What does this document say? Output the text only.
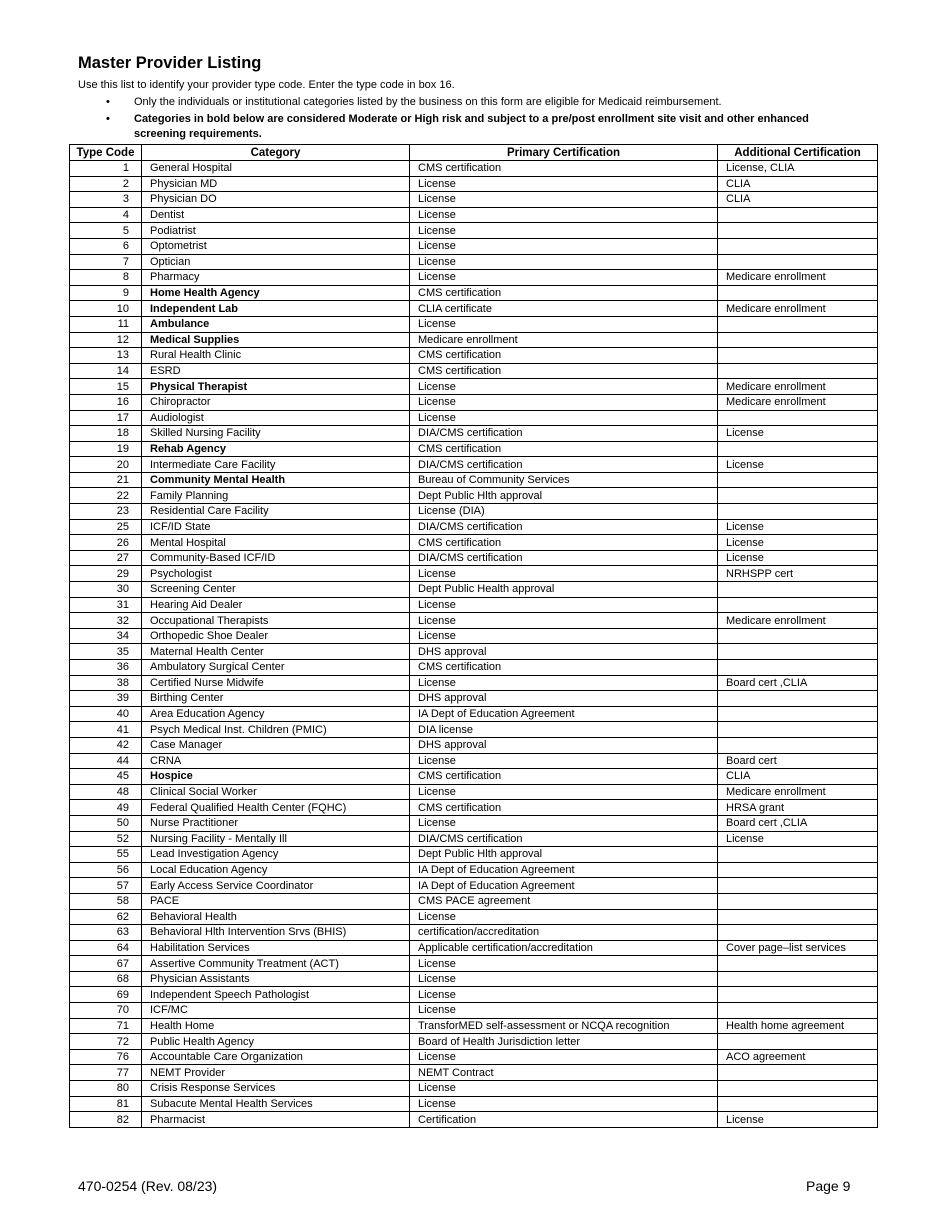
Master Provider Listing

Use this list to identify your provider type code. Enter the type code in box 16.

• Only the individuals or institutional categories listed by the business on this form are eligible for Medicaid reimbursement.
• Categories in bold below are considered Moderate or High risk and subject to a pre/post enrollment site visit and other enhanced screening requirements.
Type Code	Category	Primary Certification	Additional Certification
1	General Hospital	CMS certification	License, CLIA
2	Physician MD	License	CLIA
3	Physician DO	License	CLIA
4	Dentist	License	
5	Podiatrist	License	
6	Optometrist	License	
7	Optician	License	
8	Pharmacy	License	Medicare enrollment
9	Home Health Agency	CMS certification	
10	Independent Lab	CLIA certificate	Medicare enrollment
11	Ambulance	License	
12	Medical Supplies	Medicare enrollment	
13	Rural Health Clinic	CMS certification	
14	ESRD	CMS certification	
15	Physical Therapist	License	Medicare enrollment
16	Chiropractor	License	Medicare enrollment
17	Audiologist	License	
18	Skilled Nursing Facility	DIA/CMS certification	License
19	Rehab Agency	CMS certification	
20	Intermediate Care Facility	DIA/CMS certification	License
21	Community Mental Health	Bureau of Community Services	
22	Family Planning	Dept Public Hlth approval	
23	Residential Care Facility	License (DIA)	
25	ICF/ID State	DIA/CMS certification	License
26	Mental Hospital	CMS certification	License
27	Community-Based ICF/ID	DIA/CMS certification	License
29	Psychologist	License	NRHSPP cert
30	Screening Center	Dept Public Health approval	
31	Hearing Aid Dealer	License	
32	Occupational Therapists	License	Medicare enrollment
34	Orthopedic Shoe Dealer	License	
35	Maternal Health Center	DHS approval	
36	Ambulatory Surgical Center	CMS certification	
38	Certified Nurse Midwife	License	Board cert ,CLIA
39	Birthing Center	DHS approval	
40	Area Education Agency	IA Dept of Education Agreement	
41	Psych Medical Inst. Children (PMIC)	DIA license	
42	Case Manager	DHS approval	
44	CRNA	License	Board cert
45	Hospice	CMS certification	CLIA
48	Clinical Social Worker	License	Medicare enrollment
49	Federal Qualified Health Center (FQHC)	CMS certification	HRSA grant
50	Nurse Practitioner	License	Board cert ,CLIA
52	Nursing Facility - Mentally Ill	DIA/CMS certification	License
55	Lead Investigation Agency	Dept Public Hlth approval	
56	Local Education Agency	IA Dept of Education Agreement	
57	Early Access Service Coordinator	IA Dept of Education Agreement	
58	PACE	CMS PACE agreement	
62	Behavioral Health	License	
63	Behavioral Hlth Intervention Srvs (BHIS)	certification/accreditation	
64	Habilitation Services	Applicable certification/accreditation	Cover page–list services
67	Assertive Community Treatment (ACT)	License	
68	Physician Assistants	License	
69	Independent Speech Pathologist	License	
70	ICF/MC	License	
71	Health Home	TransforMED self-assessment or NCQA recognition	Health home agreement
72	Public Health Agency	Board of Health Jurisdiction letter	
76	Accountable Care Organization	License	ACO agreement
77	NEMT Provider	NEMT Contract	
80	Crisis Response Services	License	
81	Subacute Mental Health Services	License	
82	Pharmacist	Certification	License
470-0254 (Rev. 08/23)	Page 9
